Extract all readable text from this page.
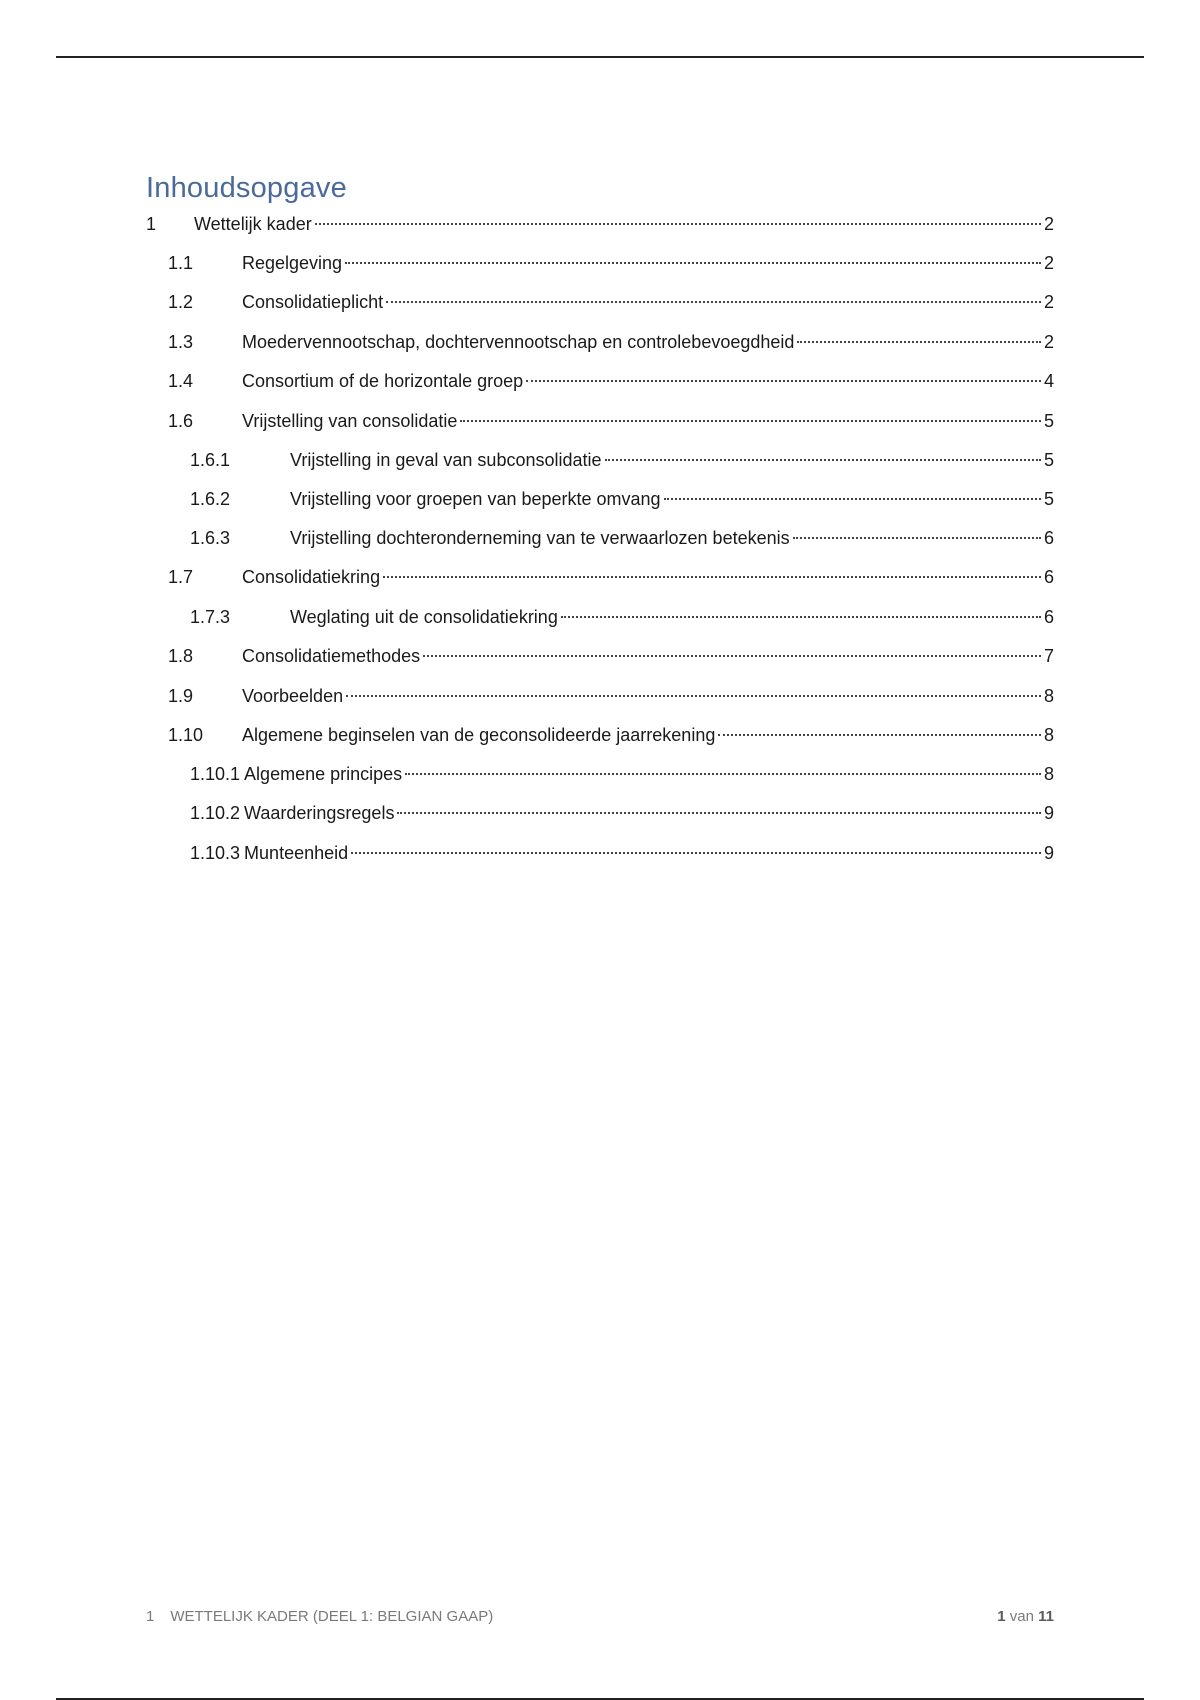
Inhoudsopgave
1	Wettelijk kader	2
1.1	Regelgeving	2
1.2	Consolidatieplicht	2
1.3	Moedervennootschap, dochtervennootschap en controlebevoegdheid	2
1.4	Consortium of de horizontale groep	4
1.6	Vrijstelling van consolidatie	5
1.6.1	Vrijstelling in geval van subconsolidatie	5
1.6.2	Vrijstelling voor groepen van beperkte omvang	5
1.6.3	Vrijstelling dochteronderneming van te verwaarlozen betekenis	6
1.7	Consolidatiekring	6
1.7.3	Weglating uit de consolidatiekring	6
1.8	Consolidatiemethodes	7
1.9	Voorbeelden	8
1.10	Algemene beginselen van de geconsolideerde jaarrekening	8
1.10.1 Algemene principes	8
1.10.2 Waarderingsregels	9
1.10.3 Munteenheid	9
1 WETTELIJK KADER (DEEL 1: BELGIAN GAAP)	1 van 11
